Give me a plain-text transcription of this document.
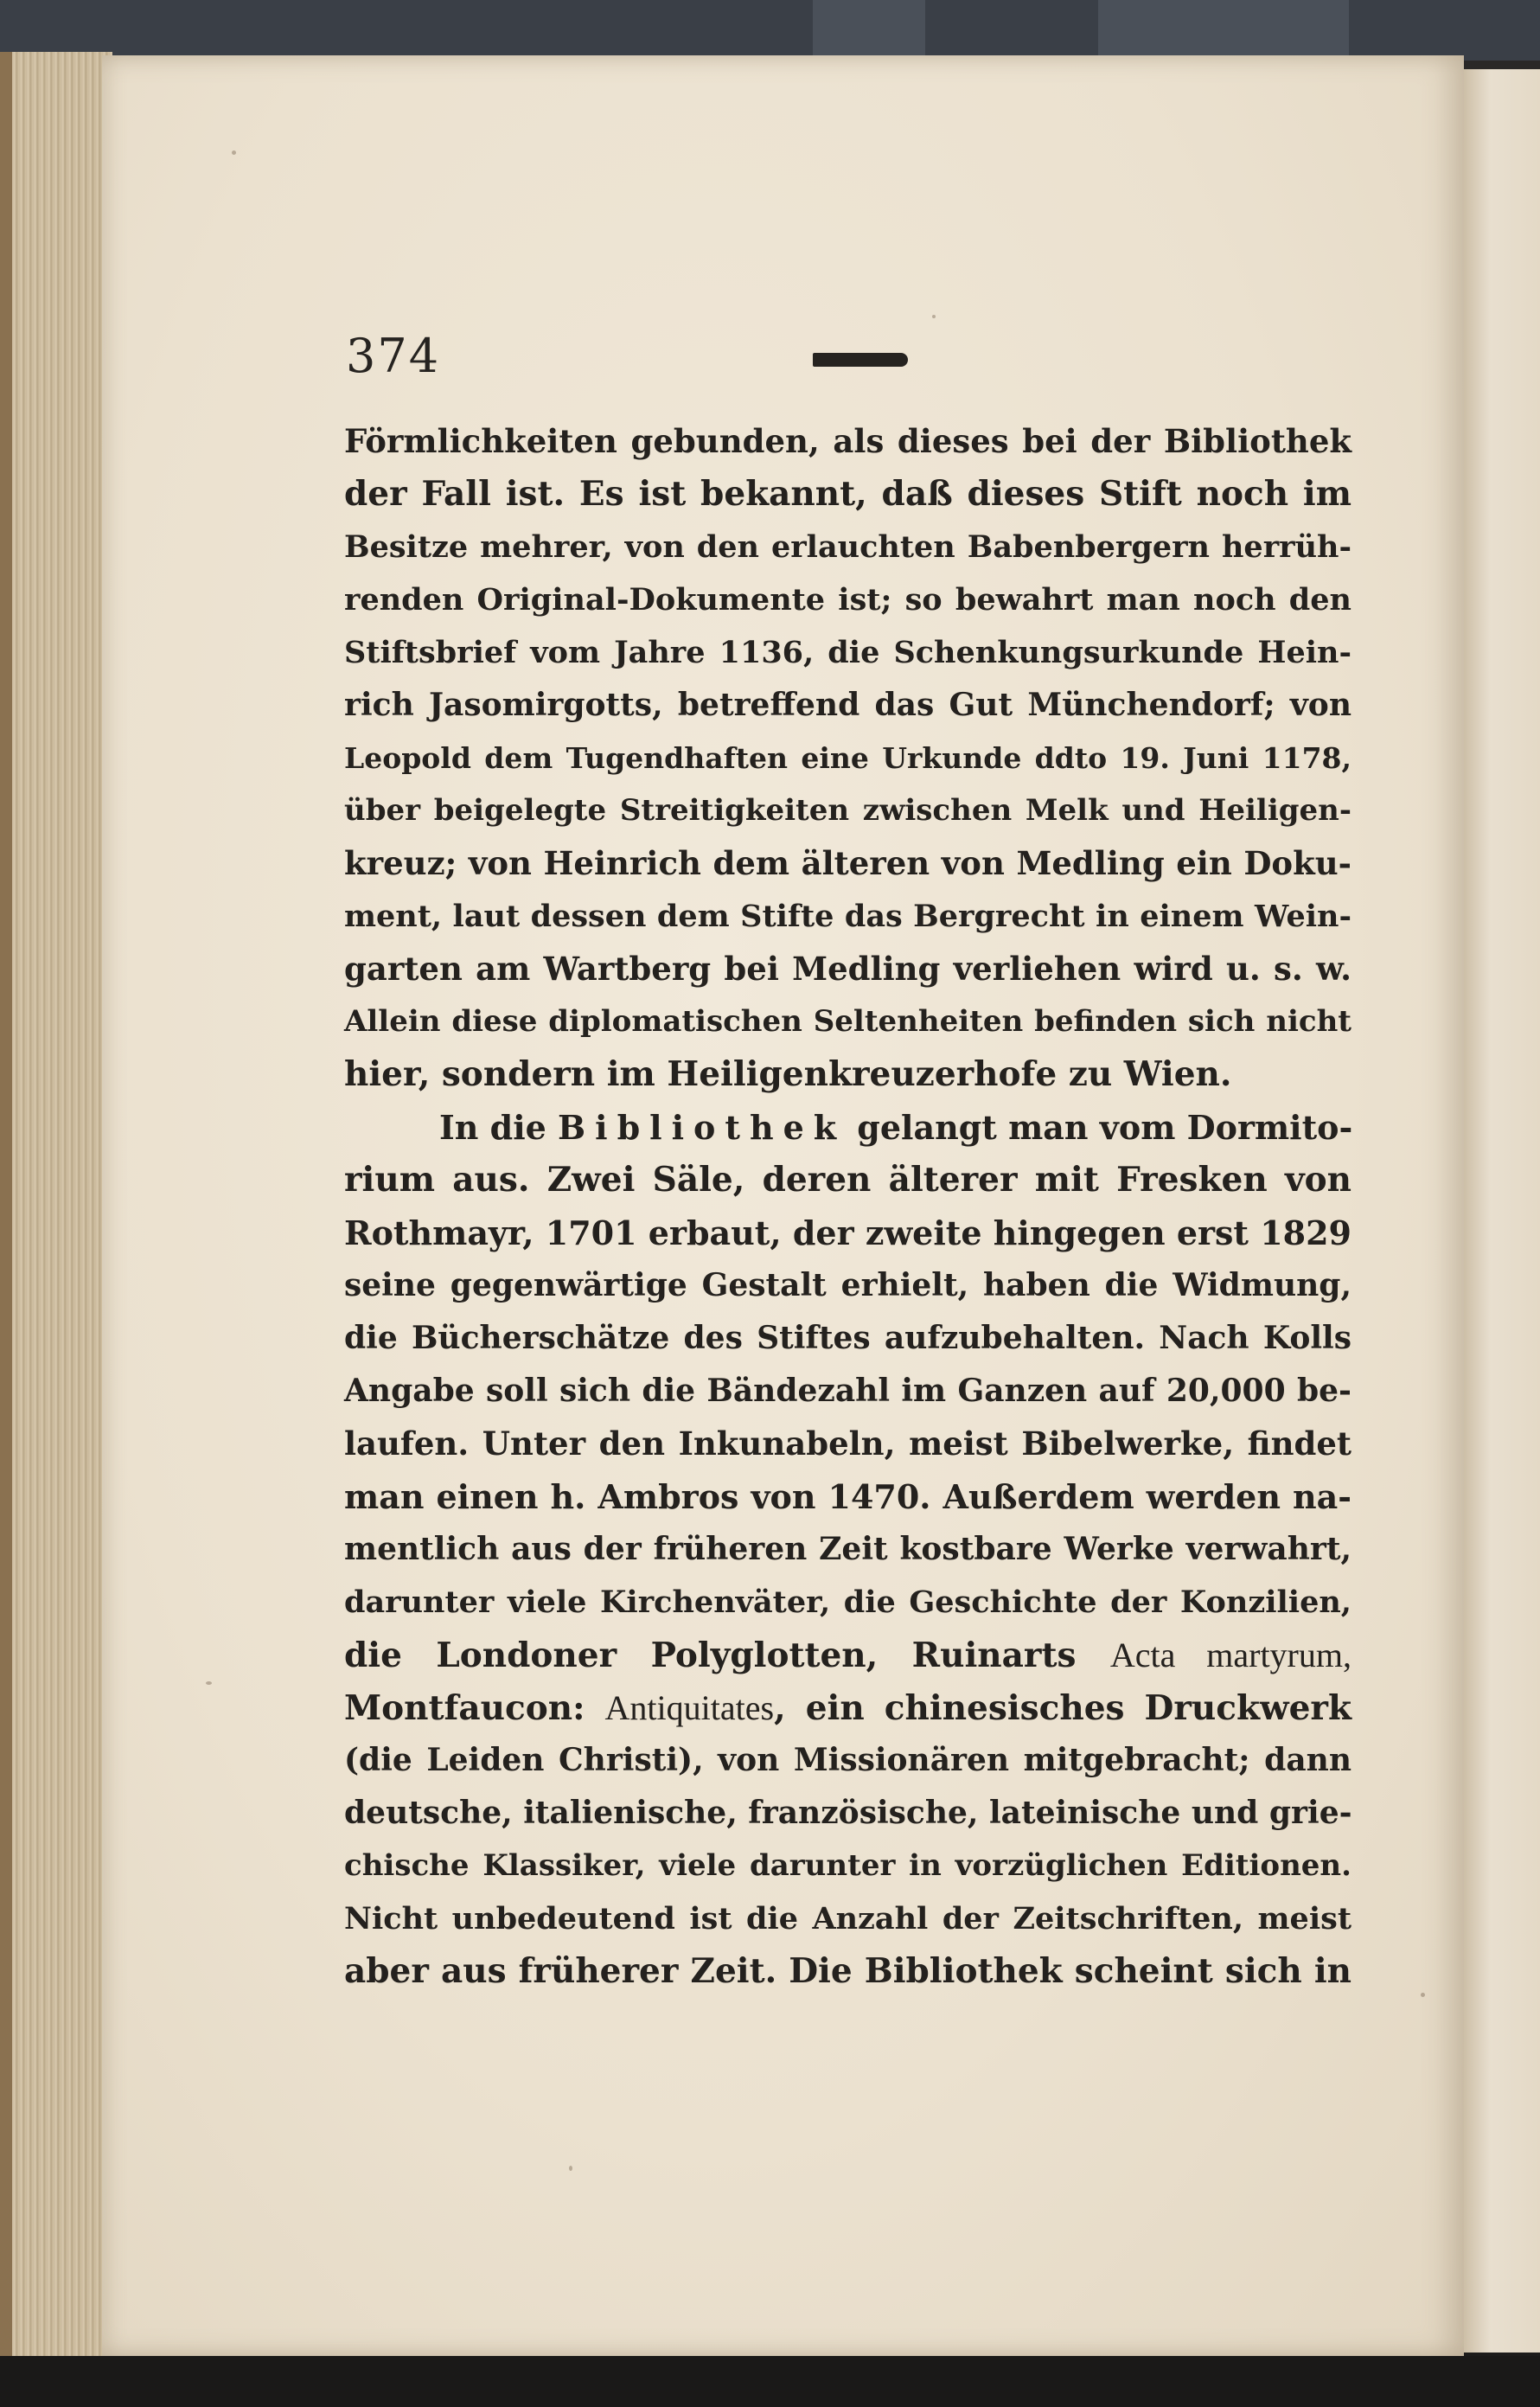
374
Förmlichkeiten gebunden, als dieses bei der Bibliothek
der Fall ist. Es ist bekannt, daß dieses Stift noch im
Besitze mehrer, von den erlauchten Babenbergern herrüh-
renden Original-Dokumente ist; so bewahrt man noch den
Stiftsbrief vom Jahre 1136, die Schenkungsurkunde Hein-
rich Jasomirgotts, betreffend das Gut Münchendorf; von
Leopold dem Tugendhaften eine Urkunde ddto 19. Juni 1178,
über beigelegte Streitigkeiten zwischen Melk und Heiligen-
kreuz; von Heinrich dem älteren von Medling ein Doku-
ment, laut dessen dem Stifte das Bergrecht in einem Wein-
garten am Wartberg bei Medling verliehen wird u. s. w.
Allein diese diplomatischen Seltenheiten befinden sich nicht
hier, sondern im Heiligenkreuzerhofe zu Wien.
In die Bibliothek gelangt man vom Dormito-
rium aus. Zwei Säle, deren älterer mit Fresken von
Rothmayr, 1701 erbaut, der zweite hingegen erst 1829
seine gegenwärtige Gestalt erhielt, haben die Widmung,
die Bücherschätze des Stiftes aufzubehalten. Nach Kolls
Angabe soll sich die Bändezahl im Ganzen auf 20,000 be-
laufen. Unter den Inkunabeln, meist Bibelwerke, findet
man einen h. Ambros von 1470. Außerdem werden na-
mentlich aus der früheren Zeit kostbare Werke verwahrt,
darunter viele Kirchenväter, die Geschichte der Konzilien,
die Londoner Polyglotten, Ruinarts Acta martyrum,
Montfaucon: Antiquitates, ein chinesisches Druckwerk
(die Leiden Christi), von Missionären mitgebracht; dann
deutsche, italienische, französische, lateinische und grie-
chische Klassiker, viele darunter in vorzüglichen Editionen.
Nicht unbedeutend ist die Anzahl der Zeitschriften, meist
aber aus früherer Zeit. Die Bibliothek scheint sich in
